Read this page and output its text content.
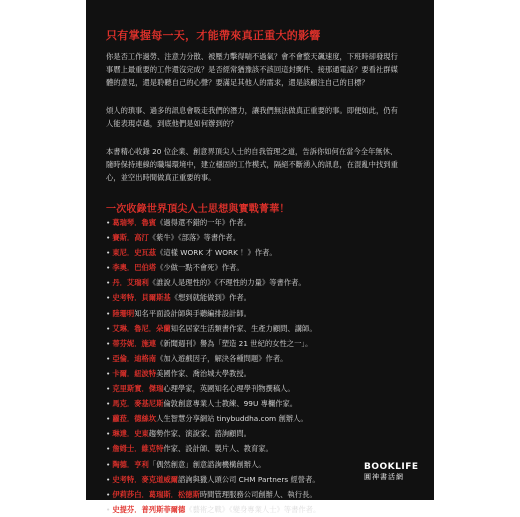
只有掌握每一天，才能帶來真正重大的影響

你是否工作過勞、注意力分散、被壓力擊得喘不過氣？會不會整天飆速度，下班時卻發現行事曆上最重要的工作還沒完成？是否經常猶豫該不該回這封郵件、接那通電話？要看社群媒體的意見，還是聆聽自己的心聲？要滿足其他人的需求，還是該顧注自己的目標？

煩人的瑣事、過多的訊息會吸走我們的潛力，讓我們無法做真正重要的事。即便如此，仍有人能表現卓越，到底他們是如何辦到的？

本書精心收錄 20 位企業、創意界頂尖人士的自我管理之道，告訴你如何在當今全年無休、隨時保持連線的職場環境中，建立穩固的工作模式，隔絕不斷湧入的訊息，在混亂中找到重心，並空出時間做真正重要的事。

一次收錄世界頂尖人士思想與實戰菁華！
• 葛瑞琴．魯賓《過得還不錯的一年》作者。
• 賽斯．高汀《紫牛》《部落》等書作者。
• 東尼．史瓦茲《這樣 WORK 才 WORK ！》作者。
• 李奧．巴伯塔《少做一點不會死》作者。
• 丹．艾瑞利《誰說人是理性的》《不理性的力量》等書作者。
• 史考特．貝爾斯基《想到就能做到》作者。
• 陸珊明知名平面設計師與手聽編排設計師。
• 艾琳．魯尼．朵蘭知名居家生活類書作家、生產力顧問、講師。
• 蒂芬妮．施連《新聞週刊》譽為「塑造 21 世紀的女性之一」。
• 亞倫．迪格南《加入遊戲因子，解決各種問題》作者。
• 卡爾．紐波特美國作家、喬治城大學教授。
• 克里斯實．傑瑞心理學家，英國知名心理學刊物撰稿人。
• 馬克．麥基尼斯倫敦創意專業人士教練、99U 專欄作家。
• 蘿菈．德絲坎人生智慧分享網站 tinybuddha.com 創辦人。
• 琳達．史東趨勢作家、演說家、諮詢顧問。
• 詹姆士．維克特作家、設計師、製片人、教育家。
• 陶德．亨利「偶然創意」創意諮詢機構創辦人。
• 史考特．麥克道威爾諮詢與獵人頭公司 CHM Partners 經營者。
• 伊莉莎白．葛瑞斯．松徳斯時間管理服務公司創辦人、執行長。
• 史提芬．普列斯菲爾德《藝術之戰》《變身專業人士》等書作者。
BOOKLIFE
圓神書活網
